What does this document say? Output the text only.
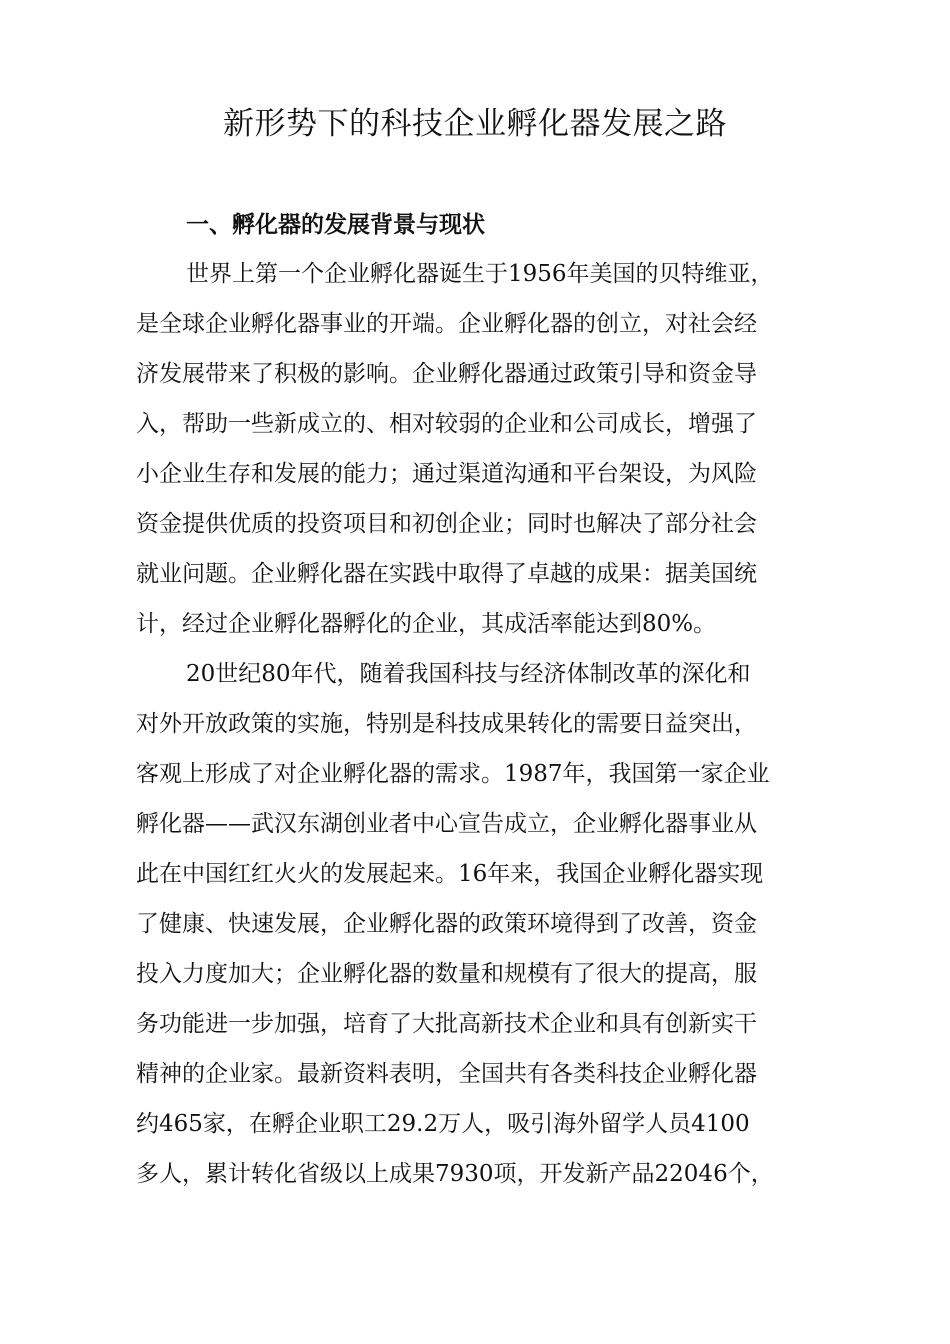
新形势下的科技企业孵化器发展之路
一、孵化器的发展背景与现状
世界上第一个企业孵化器诞生于1956年美国的贝特维亚，
是全球企业孵化器事业的开端。企业孵化器的创立，对社会经
济发展带来了积极的影响。企业孵化器通过政策引导和资金导
入，帮助一些新成立的、相对较弱的企业和公司成长，增强了
小企业生存和发展的能力；通过渠道沟通和平台架设，为风险
资金提供优质的投资项目和初创企业；同时也解决了部分社会
就业问题。企业孵化器在实践中取得了卓越的成果：据美国统
计，经过企业孵化器孵化的企业，其成活率能达到80%。
20世纪80年代，随着我国科技与经济体制改革的深化和
对外开放政策的实施，特别是科技成果转化的需要日益突出，
客观上形成了对企业孵化器的需求。1987年，我国第一家企业
孵化器——武汉东湖创业者中心宣告成立，企业孵化器事业从
此在中国红红火火的发展起来。16年来，我国企业孵化器实现
了健康、快速发展，企业孵化器的政策环境得到了改善，资金
投入力度加大；企业孵化器的数量和规模有了很大的提高，服
务功能进一步加强，培育了大批高新技术企业和具有创新实干
精神的企业家。最新资料表明，全国共有各类科技企业孵化器
约465家，在孵企业职工29.2万人，吸引海外留学人员4100
多人，累计转化省级以上成果7930项，开发新产品22046个，
